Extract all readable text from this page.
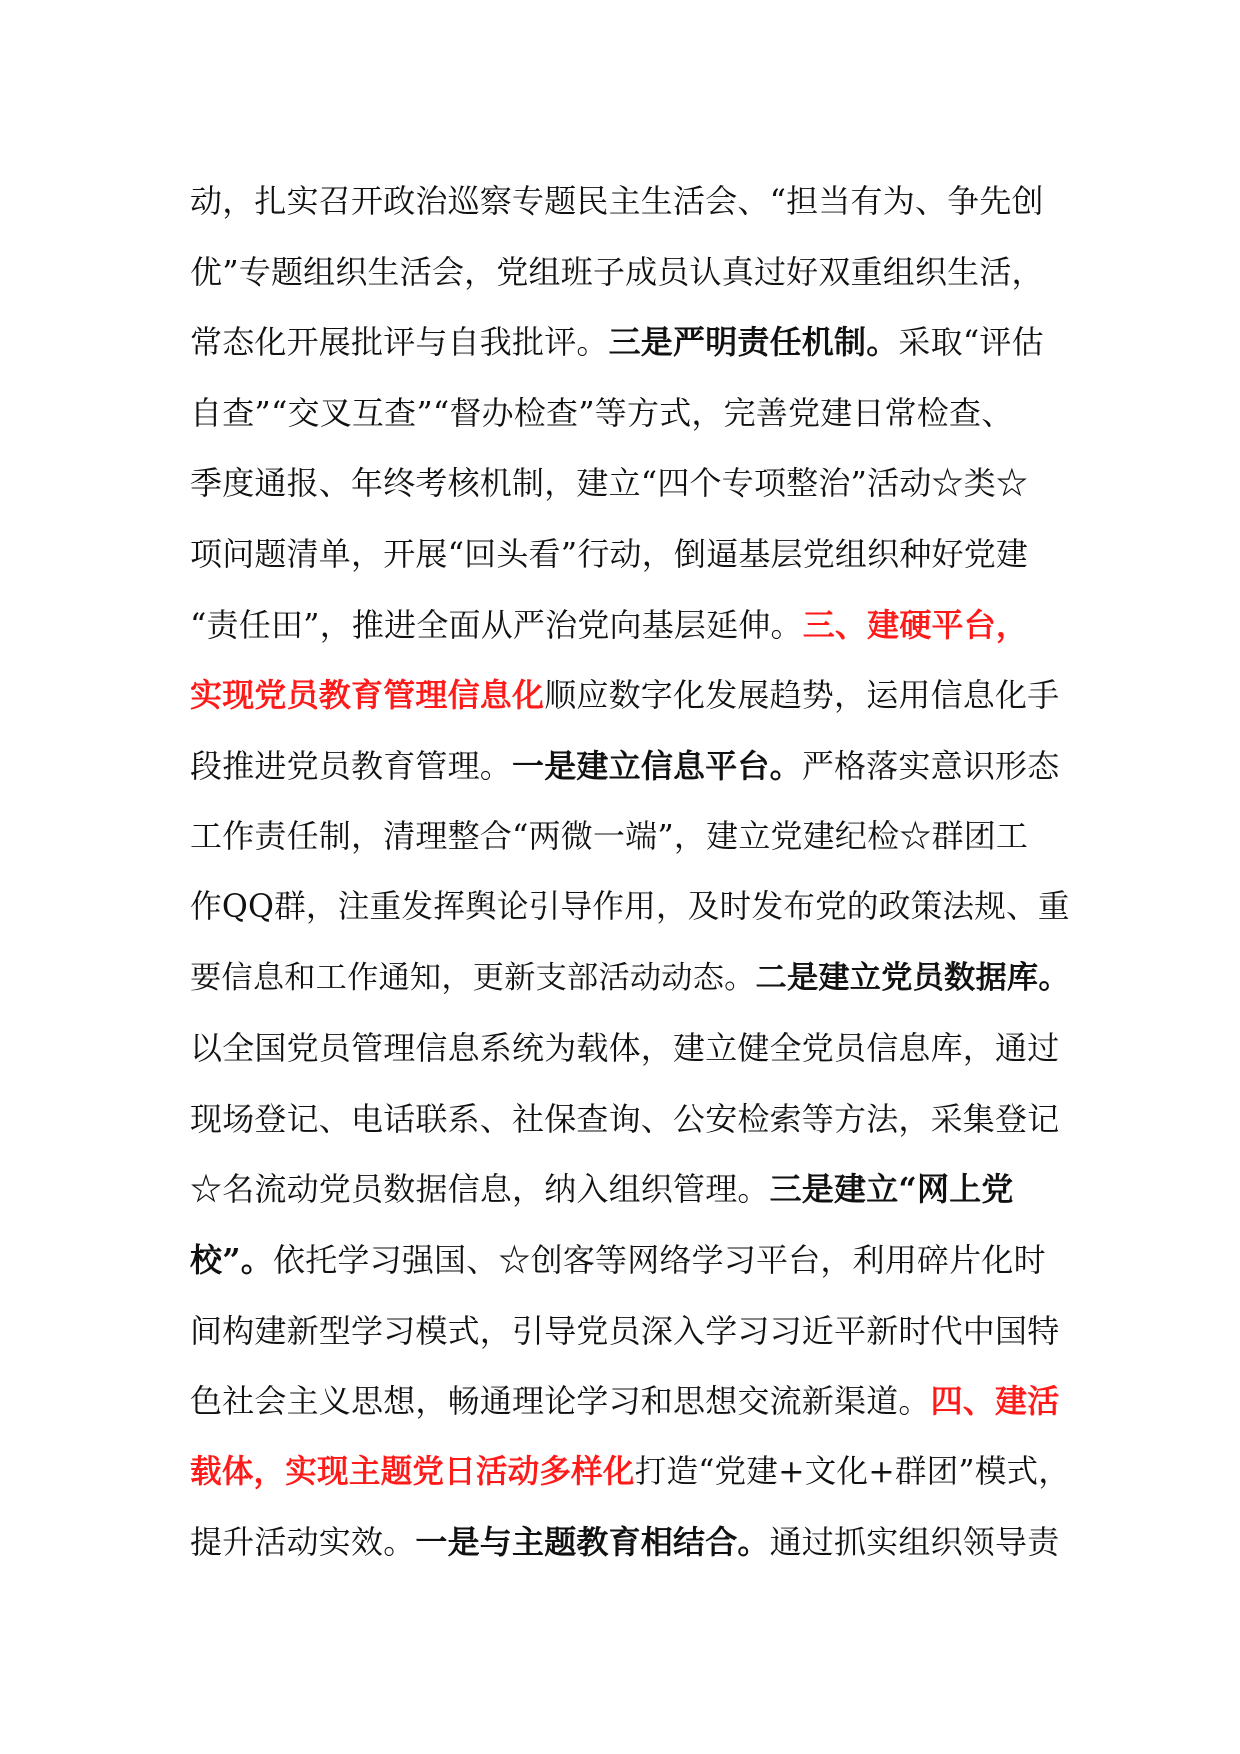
动，扎实召开政治巡察专题民主生活会、“担当有为、争先创
优”专题组织生活会，党组班子成员认真过好双重组织生活，
常态化开展批评与自我批评。三是严明责任机制。采取“评估
自查”“交叉互查”“督办检查”等方式，完善党建日常检查、
季度通报、年终考核机制，建立“四个专项整治”活动☆类☆
项问题清单，开展“回头看”行动，倒逼基层党组织种好党建
“责任田”，推进全面从严治党向基层延伸。三、建硬平台，
实现党员教育管理信息化顺应数字化发展趋势，运用信息化手
段推进党员教育管理。一是建立信息平台。严格落实意识形态
工作责任制，清理整合“两微一端”，建立党建纪检☆群团工
作QQ群，注重发挥舆论引导作用，及时发布党的政策法规、重
要信息和工作通知，更新支部活动动态。二是建立党员数据库。
以全国党员管理信息系统为载体，建立健全党员信息库，通过
现场登记、电话联系、社保查询、公安检索等方法，采集登记
☆名流动党员数据信息，纳入组织管理。三是建立“网上党
校”。依托学习强国、☆创客等网络学习平台，利用碎片化时
间构建新型学习模式，引导党员深入学习习近平新时代中国特
色社会主义思想，畅通理论学习和思想交流新渠道。四、建活
载体，实现主题党日活动多样化打造“党建+文化+群团”模式，
提升活动实效。一是与主题教育相结合。通过抓实组织领导责
